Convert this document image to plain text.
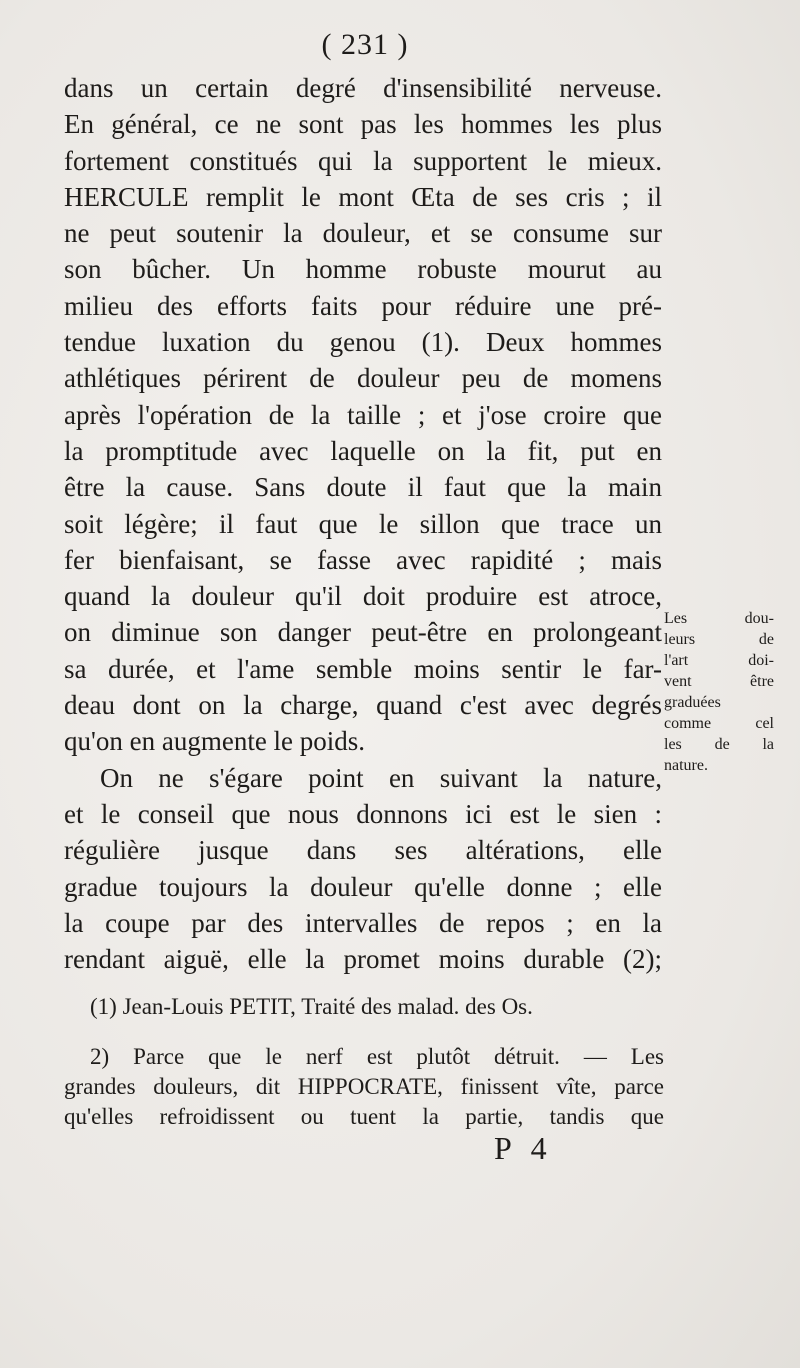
( 231 )
dans un certain degré d'insensibilité nerveuse.
En général, ce ne sont pas les hommes les plus
fortement constitués qui la supportent le mieux.
HERCULE remplit le mont Œta de ses cris ; il
ne peut soutenir la douleur, et se consume sur
son bûcher. Un homme robuste mourut au
milieu des efforts faits pour réduire une pré-
tendue luxation du genou (1). Deux hommes
athlétiques périrent de douleur peu de momens
après l'opération de la taille ; et j'ose croire que
la promptitude avec laquelle on la fit, put en
être la cause. Sans doute il faut que la main
soit légère; il faut que le sillon que trace un
fer bienfaisant, se fasse avec rapidité ; mais
quand la douleur qu'il doit produire est atroce,
on diminue son danger peut-être en prolongeant
sa durée, et l'ame semble moins sentir le far-
deau dont on la charge, quand c'est avec degrés
qu'on en augmente le poids.
On ne s'égare point en suivant la nature,
et le conseil que nous donnons ici est le sien :
régulière jusque dans ses altérations, elle
gradue toujours la douleur qu'elle donne ; elle
la coupe par des intervalles de repos ; en la
rendant aiguë, elle la promet moins durable (2);
Les dou-
leurs de
l'art doi-
vent être
graduées
comme cel
les de la
nature.
(1) Jean-Louis PETIT, Traité des malad. des Os.
2) Parce que le nerf est plutôt détruit. — Les
grandes douleurs, dit HIPPOCRATE, finissent vîte, parce
qu'elles refroidissent ou tuent la partie, tandis que
P 4
